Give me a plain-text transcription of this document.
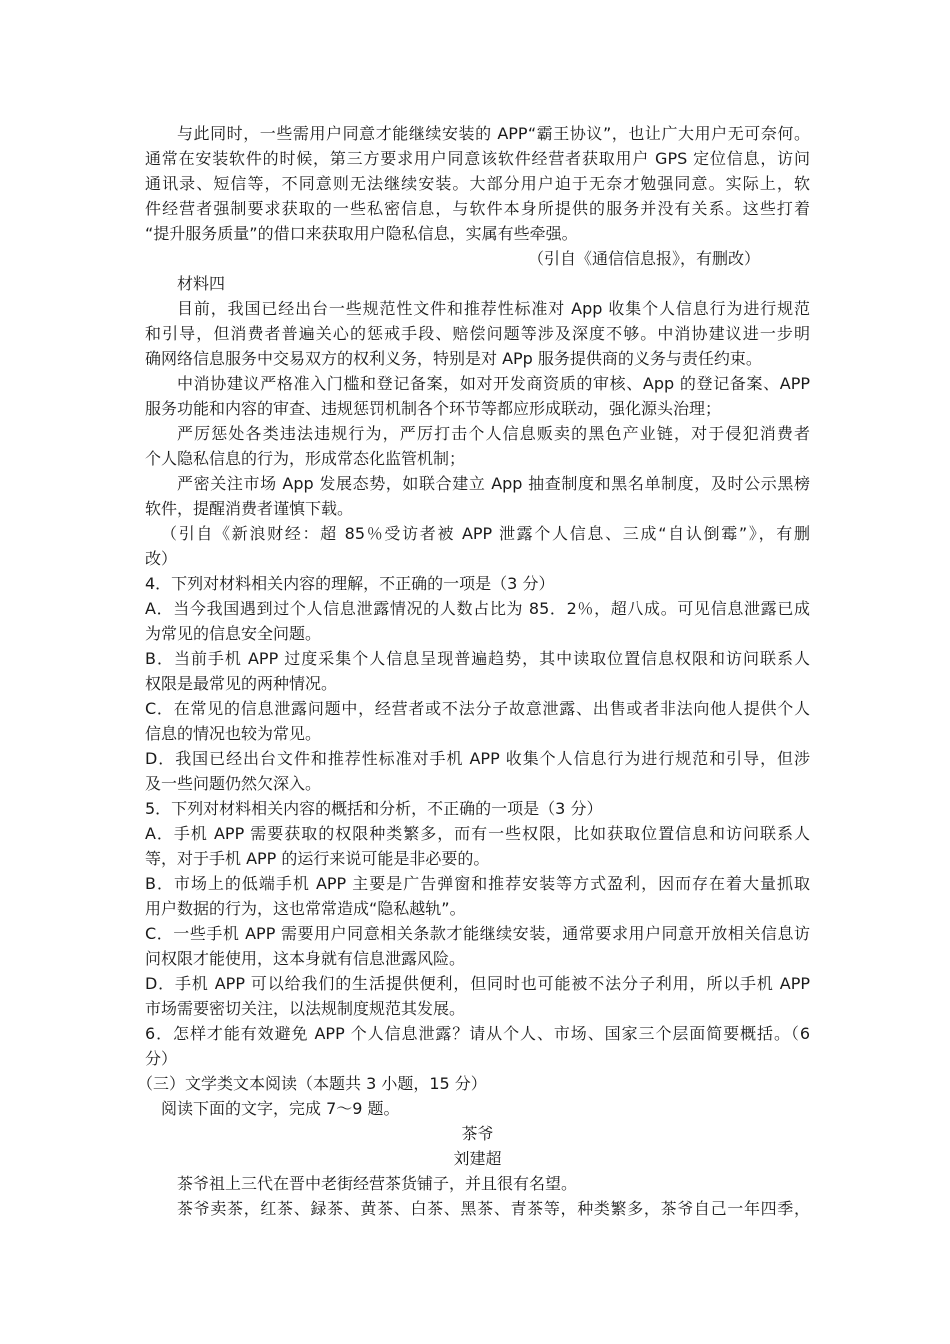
与此同时，一些需用户同意才能继续安装的 APP“霸王协议”，也让广大用户无可奈何。
通常在安装软件的时候，第三方要求用户同意该软件经营者获取用户 GPS 定位信息，访问
通讯录、短信等，不同意则无法继续安装。大部分用户迫于无奈才勉强同意。实际上，软
件经营者强制要求获取的一些私密信息，与软件本身所提供的服务并没有关系。这些打着
“提升服务质量”的借口来获取用户隐私信息，实属有些牵强。
（引自《通信信息报》，有删改）
材料四
目前，我国已经出台一些规范性文件和推荐性标准对 App 收集个人信息行为进行规范
和引导，但消费者普遍关心的惩戒手段、赔偿问题等涉及深度不够。中消协建议进一步明
确网络信息服务中交易双方的权利义务，特别是对 APp 服务提供商的义务与责任约束。
中消协建议严格准入门槛和登记备案，如对开发商资质的审核、App 的登记备案、APP
服务功能和内容的审查、违规惩罚机制各个环节等都应形成联动，强化源头治理；
严厉惩处各类违法违规行为，严厉打击个人信息贩卖的黑色产业链，对于侵犯消费者
个人隐私信息的行为，形成常态化监管机制；
严密关注市场 App 发展态势，如联合建立 App 抽查制度和黑名单制度，及时公示黑榜
软件，提醒消费者谨慎下载。
（引自《新浪财经：超 85％受访者被 APP 泄露个人信息、三成“自认倒霉”》，有删
改）
4．下列对材料相关内容的理解，不正确的一项是（3 分）
A．当今我国遇到过个人信息泄露情况的人数占比为 85．2％，超八成。可见信息泄露已成
为常见的信息安全问题。
B．当前手机 APP 过度采集个人信息呈现普遍趋势，其中读取位置信息权限和访问联系人
权限是最常见的两种情况。
C．在常见的信息泄露问题中，经营者或不法分子故意泄露、出售或者非法向他人提供个人
信息的情况也较为常见。
D．我国已经出台文件和推荐性标准对手机 APP 收集个人信息行为进行规范和引导，但涉
及一些问题仍然欠深入。
5．下列对材料相关内容的概括和分析，不正确的一项是（3 分）
A．手机 APP 需要获取的权限种类繁多，而有一些权限，比如获取位置信息和访问联系人
等，对于手机 APP 的运行来说可能是非必要的。
B．市场上的低端手机 APP 主要是广告弹窗和推荐安装等方式盈利，因而存在着大量抓取
用户数据的行为，这也常常造成“隐私越轨”。
C．一些手机 APP 需要用户同意相关条款才能继续安装，通常要求用户同意开放相关信息访
问权限才能使用，这本身就有信息泄露风险。
D．手机 APP 可以给我们的生活提供便利，但同时也可能被不法分子利用，所以手机 APP
市场需要密切关注，以法规制度规范其发展。
6．怎样才能有效避免 APP 个人信息泄露？请从个人、市场、国家三个层面简要概括。（6
分）
（三）文学类文本阅读（本题共 3 小题，15 分）
阅读下面的文字，完成 7～9 题。
茶爷
刘建超
茶爷祖上三代在晋中老街经营茶货铺子，并且很有名望。
茶爷卖茶，红茶、録茶、黄茶、白茶、黑茶、青茶等，种类繁多，茶爷自己一年四季，
